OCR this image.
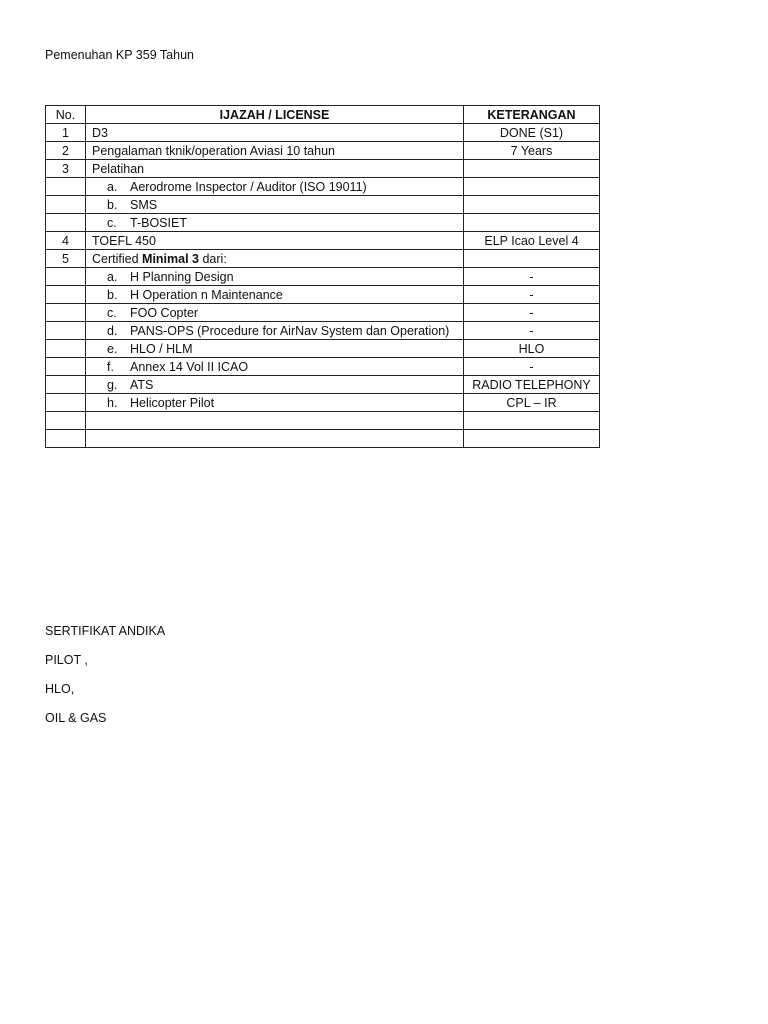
Pemenuhan KP 359 Tahun
No.	IJAZAH / LICENSE	KETERANGAN
1	D3	DONE (S1)
2	Pengalaman tknik/operation Aviasi 10 tahun	7 Years
3	Pelatihan	
	a. Aerodrome Inspector / Auditor (ISO 19011)	
	b. SMS	
	c. T-BOSIET	
4	TOEFL 450	ELP Icao Level 4
5	Certified Minimal 3 dari:	
	a. H Planning Design	-
	b. H Operation n Maintenance	-
	c. FOO Copter	-
	d. PANS-OPS (Procedure for AirNav System dan Operation)	-
	e. HLO / HLM	HLO
	f. Annex 14 Vol II ICAO	-
	g. ATS	RADIO TELEPHONY
	h. Helicopter Pilot	CPL – IR

SERTIFIKAT ANDIKA
PILOT ,
HLO,
OIL & GAS
